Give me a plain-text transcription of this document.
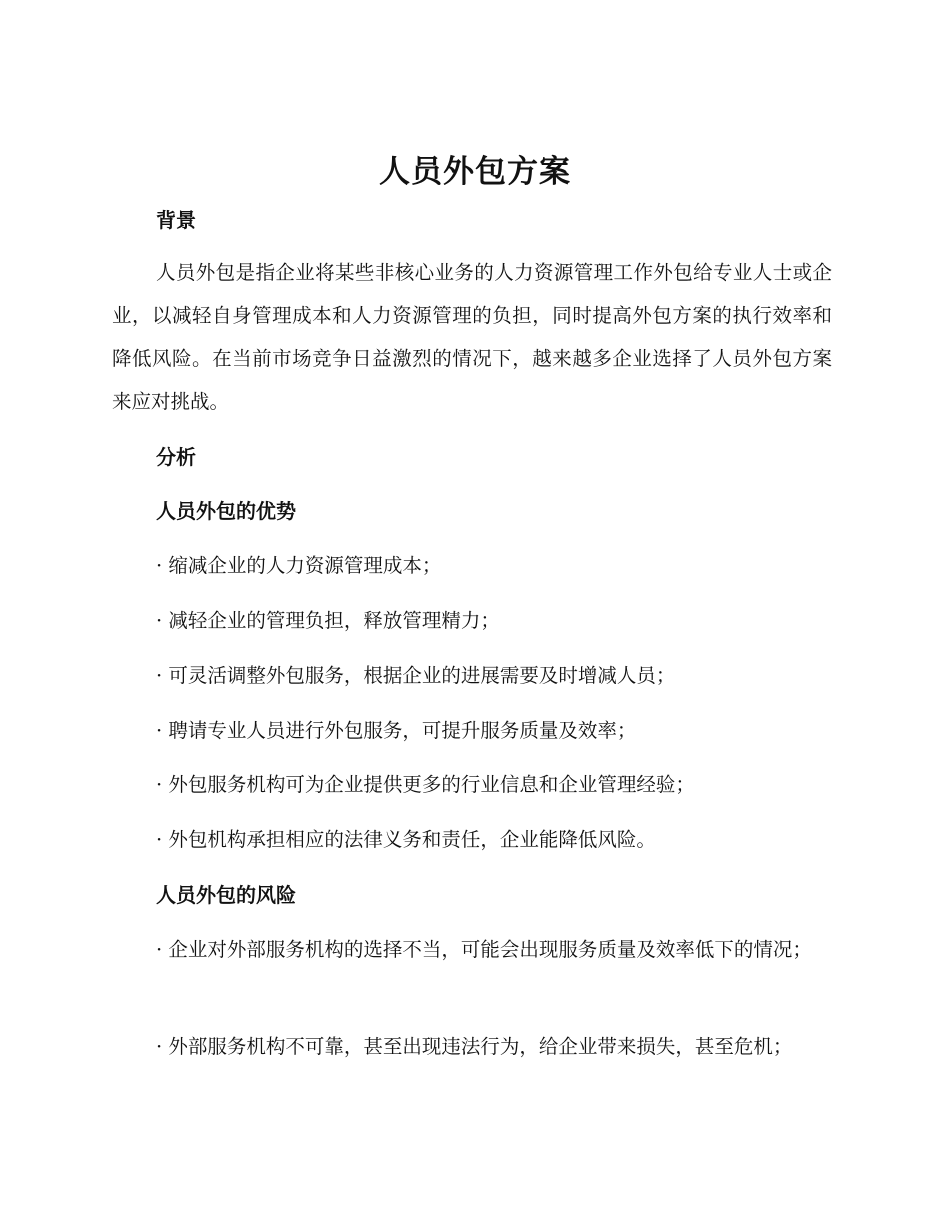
人员外包方案
背景

人员外包是指企业将某些非核心业务的人力资源管理工作外包给专业人士或企业，以减轻自身管理成本和人力资源管理的负担，同时提高外包方案的执行效率和降低风险。在当前市场竞争日益激烈的情况下，越来越多企业选择了人员外包方案来应对挑战。

分析
人员外包的优势

· 缩减企业的人力资源管理成本；

· 减轻企业的管理负担，释放管理精力；

· 可灵活调整外包服务，根据企业的进展需要及时增减人员；

· 聘请专业人员进行外包服务，可提升服务质量及效率；

· 外包服务机构可为企业提供更多的行业信息和企业管理经验；

· 外包机构承担相应的法律义务和责任，企业能降低风险。

人员外包的风险

· 企业对外部服务机构的选择不当，可能会出现服务质量及效率低下的情况；

· 外部服务机构不可靠，甚至出现违法行为，给企业带来损失，甚至危机；
